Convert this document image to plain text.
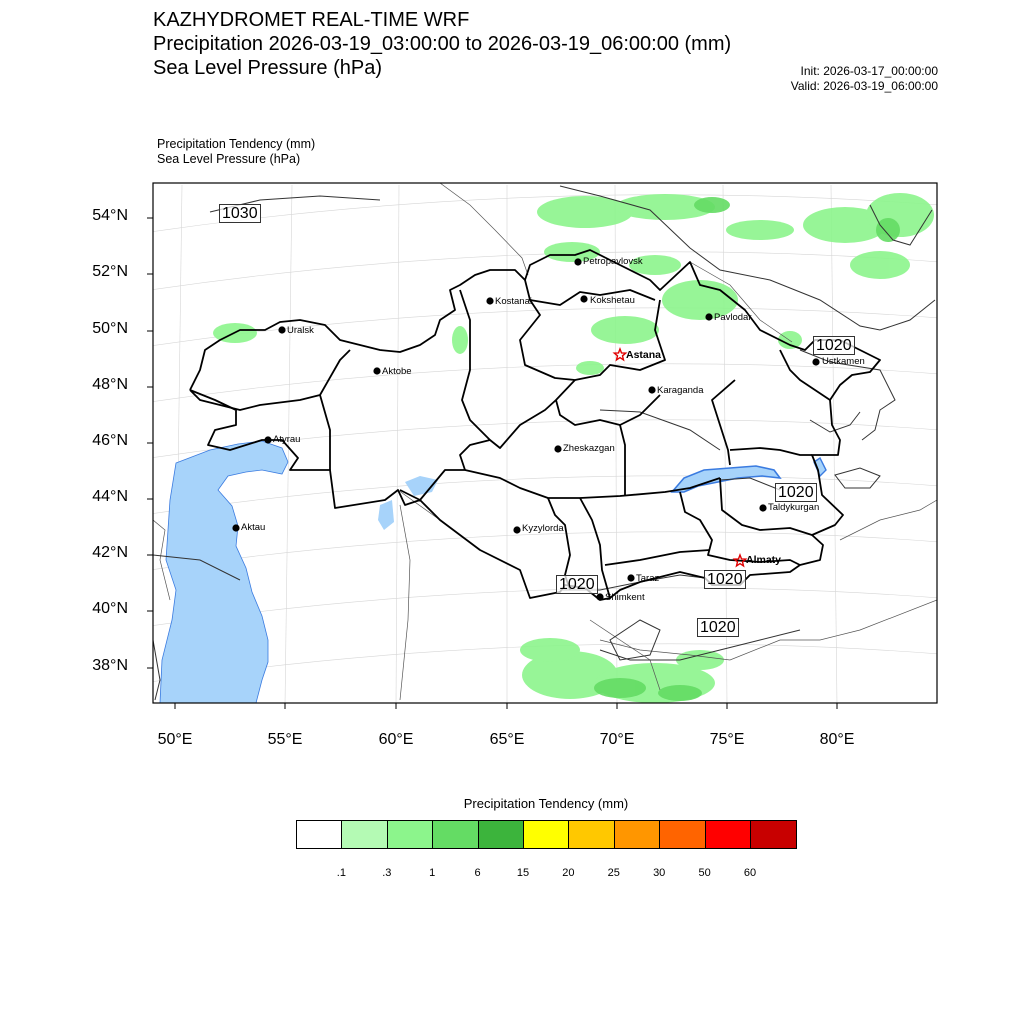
KAZHYDROMET REAL-TIME WRF
Precipitation 2026-03-19_03:00:00 to 2026-03-19_06:00:00 (mm)
Sea Level Pressure (hPa)	Init: 2026-03-17_00:00:00
Valid: 2026-03-19_06:00:00
Precipitation Tendency (mm)
Sea Level Pressure (hPa)
54°N
52°N
50°N
48°N
46°N
44°N
42°N
40°N
38°N
50°E	55°E	60°E	65°E	70°E	75°E	80°E
1030
1020
1020
1020	1020
1020
Petropavlovsk
Kostanai	Kokshetau
Pavlodar
Uralsk
Astana
Aktobe
Ustkamen
Karaganda
Atyrau
Zheskazgan
Taldykurgan
Aktau	Kyzylorda
Almaty
Taraz
Shimkent
Precipitation Tendency (mm)
.1	.3	1	6	15	20	25	30	50	60
